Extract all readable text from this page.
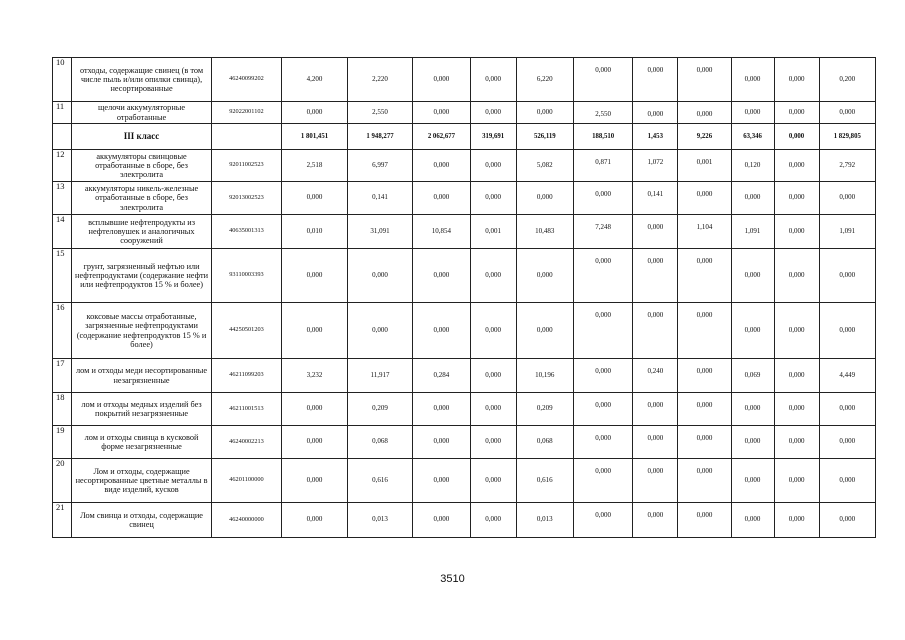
10	отходы, содержащие свинец (в том числе пыль и/или опилки свинца), несортированные	46240099202	4,200	2,220	0,000	0,000	6,220	0,000	0,000	0,000	0,000	0,000	0,200
11	щелочи аккумуляторные отработанные	92022001102	0,000	2,550	0,000	0,000	0,000	2,550	0,000	0,000	0,000	0,000	0,000
	III класс		1 801,451	1 948,277	2 062,677	319,691	526,119	188,510	1,453	9,226	63,346	0,000	1 829,805
12	аккумуляторы свинцовые отработанные в сборе, без электролита	92011002523	2,518	6,997	0,000	0,000	5,082	0,871	1,072	0,001	0,120	0,000	2,792
13	аккумуляторы никель-железные отработанные в сборе, без электролита	92013002523	0,000	0,141	0,000	0,000	0,000	0,000	0,141	0,000	0,000	0,000	0,000
14	всплывшие нефтепродукты из нефтеловушек и аналогичных сооружений	40635001313	0,010	31,091	10,854	0,001	10,483	7,248	0,000	1,104	1,091	0,000	1,091
15	грунт, загрязненный нефтью или нефтепродуктами (содержание нефти или нефтепродуктов 15 % и более)	93110003393	0,000	0,000	0,000	0,000	0,000	0,000	0,000	0,000	0,000	0,000	0,000
16	коксовые массы отработанные, загрязненные нефтепродуктами (содержание нефтепродуктов 15 % и более)	44250501203	0,000	0,000	0,000	0,000	0,000	0,000	0,000	0,000	0,000	0,000	0,000
17	лом и отходы меди несортированные незагрязненные	46211099203	3,232	11,917	0,284	0,000	10,196	0,000	0,240	0,000	0,069	0,000	4,449
18	лом и отходы медных изделий без покрытий незагрязненные	46211001513	0,000	0,209	0,000	0,000	0,209	0,000	0,000	0,000	0,000	0,000	0,000
19	лом и отходы свинца в кусковой форме незагрязненные	46240002213	0,000	0,068	0,000	0,000	0,068	0,000	0,000	0,000	0,000	0,000	0,000
20	Лом и отходы, содержащие несортированные цветные металлы в виде изделий, кусков	46201100000	0,000	0,616	0,000	0,000	0,616	0,000	0,000	0,000	0,000	0,000	0,000
21	Лом свинца и отходы, содержащие свинец	46240000000	0,000	0,013	0,000	0,000	0,013	0,000	0,000	0,000	0,000	0,000	0,000
3510
